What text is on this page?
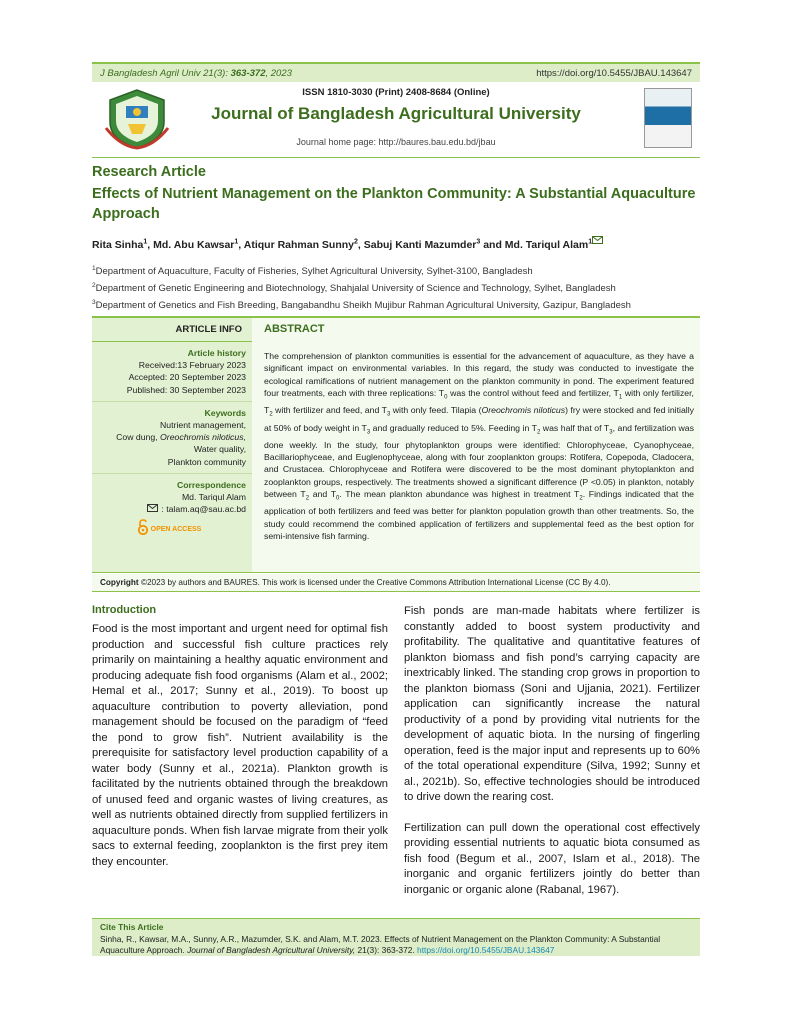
J Bangladesh Agril Univ 21(3): 363-372, 2023	https://doi.org/10.5455/JBAU.143647
ISSN 1810-3030 (Print) 2408-8684 (Online)
Journal of Bangladesh Agricultural University
Journal home page: http://baures.bau.edu.bd/jbau
Research Article
Effects of Nutrient Management on the Plankton Community: A Substantial Aquaculture Approach
Rita Sinha$^1$, Md. Abu Kawsar$^1$, Atiqur Rahman Sunny$^2$, Sabuj Kanti Mazumder$^3$ and Md. Tariqul Alam$^1$
$^1$Department of Aquaculture, Faculty of Fisheries, Sylhet Agricultural University, Sylhet-3100, Bangladesh
$^2$Department of Genetic Engineering and Biotechnology, Shahjalal University of Science and Technology, Sylhet, Bangladesh
$^3$Department of Genetics and Fish Breeding, Bangabandhu Sheikh Mujibur Rahman Agricultural University, Gazipur, Bangladesh
ARTICLE INFO
Article history
Received:13 February 2023
Accepted: 20 September 2023
Published: 30 September 2023
Keywords
Nutrient management,
Cow dung, Oreochromis niloticus,
Water quality,
Plankton community
Correspondence
Md. Tariqul Alam
: talam.aq@sau.ac.bd
OPEN ACCESS
ABSTRACT

The comprehension of plankton communities is essential for the advancement of aquaculture, as they have a significant impact on environmental variables. In this regard, the study was conducted to investigate the ecological ramifications of nutrient management on the plankton community in pond. The experiment featured four treatments, each with three replications: $T_0$ was the control without feed and fertilizer, $T_1$ with only fertilizer, $T_2$ with fertilizer and feed, and $T_3$ with only feed. Tilapia (Oreochromis niloticus) fry were stocked and fed initially at 50% of body weight in $T_3$ and gradually reduced to 5%. Feeding in $T_2$ was half that of $T_3$, and fertilization was done weekly. In the study, four phytoplankton groups were identified: Chlorophyceae, Cyanophyceae, Bacillariophyceae, and Euglenophyceae, along with four zooplankton groups: Rotifera, Copepoda, Cladocera, and Crustacea. Chlorophyceae and Rotifera were discovered to be the most dominant phytoplankton and zooplankton groups, respectively. The treatments showed a significant difference (P <0.05) in plankton, notably between $T_2$ and $T_0$. The mean plankton abundance was highest in treatment $T_2$. Findings indicated that the application of both fertilizers and feed was better for plankton population growth than other treatments. So, the study could recommend the combined application of fertilizers and supplemental feed as the best option for semi-intensive fish farming.

Copyright ©2023 by authors and BAURES. This work is licensed under the Creative Commons Attribution International License (CC By 4.0).
Introduction

Food is the most important and urgent need for optimal fish production and successful fish culture practices rely primarily on maintaining a healthy aquatic environment and producing adequate fish food organisms (Alam et al., 2002; Hemal et al., 2017; Sunny et al., 2019). To boost up aquaculture contribution to poverty alleviation, pond management should be focused on the paradigm of “feed the pond to grow fish”. Nutrient availability is the prerequisite for satisfactory level production capability of a water body (Sunny et al., 2021a). Plankton growth is facilitated by the nutrients obtained through the breakdown of unused feed and organic wastes of living creatures, as well as nutrients obtained directly from supplied fertilizers in aquaculture ponds. When fish larvae migrate from their yolk sacs to external feeding, zooplankton is the first prey item they encounter.

Fish ponds are man-made habitats where fertilizer is constantly added to boost system productivity and profitability. The qualitative and quantitative features of plankton biomass and fish pond’s carrying capacity are inextricably linked. The standing crop grows in proportion to the plankton biomass (Soni and Ujjania, 2021). Fertilizer application can significantly increase the natural productivity of a pond by providing vital nutrients for the development of aquatic biota. In the nursing of fingerling operation, feed is the major input and represents up to 60% of the total operational expenditure (Silva, 1992; Sunny et al., 2021b). So, effective technologies should be introduced to drive down the rearing cost.

Fertilization can pull down the operational cost effectively providing essential nutrients to aquatic biota consumed as fish food (Begum et al., 2007, Islam et al., 2018). The inorganic and organic fertilizers jointly do better than inorganic or organic alone (Rabanal, 1967).

Cite This Article
Sinha, R., Kawsar, M.A., Sunny, A.R., Mazumder, S.K. and Alam, M.T. 2023. Effects of Nutrient Management on the Plankton Community: A Substantial Aquaculture Approach. Journal of Bangladesh Agricultural University, 21(3): 363-372. https://doi.org/10.5455/JBAU.143647
